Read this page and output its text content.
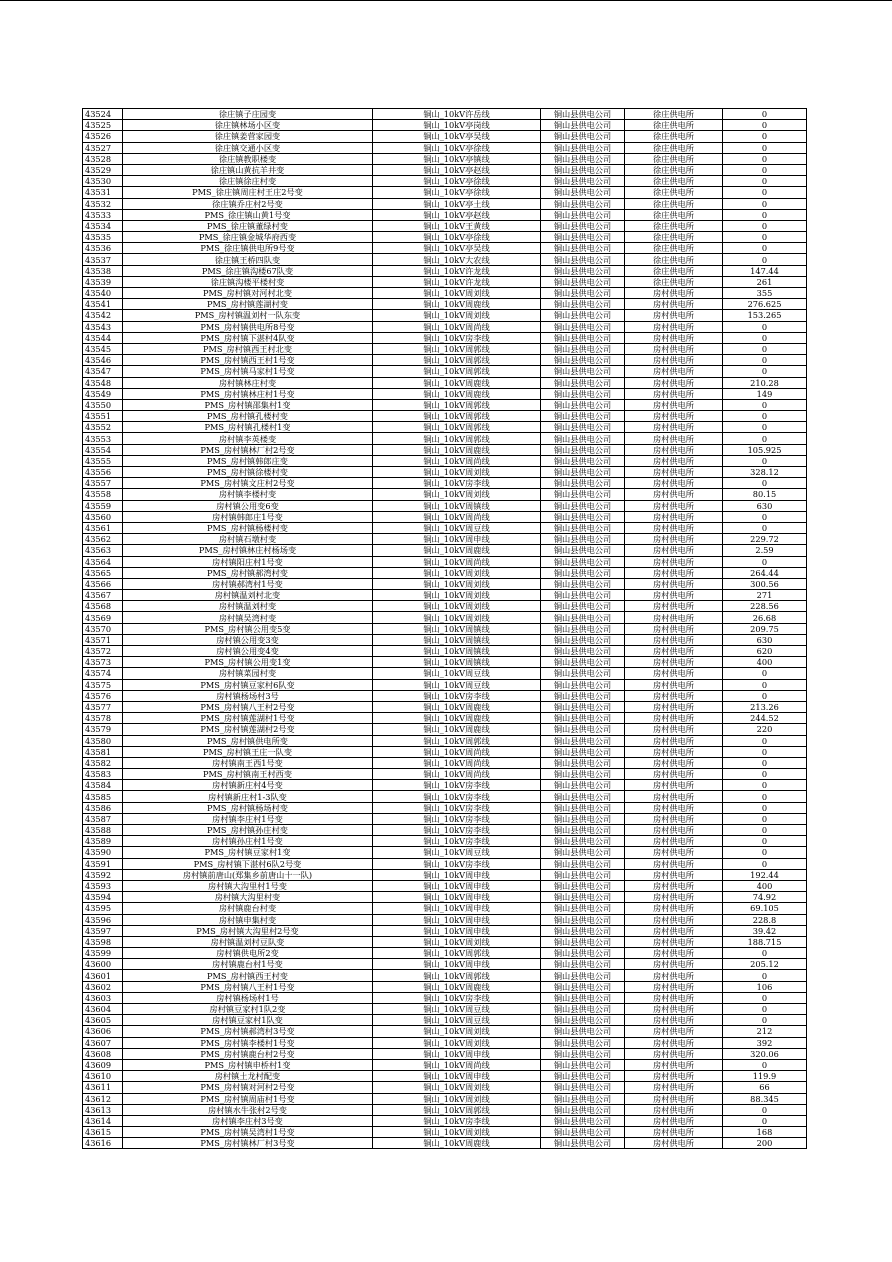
43524	徐庄镇子庄园变	铜山_10kV许岳线	铜山县供电公司	徐庄供电所	0
43525	徐庄镇林场小区变	铜山_10kV亭岗线	铜山县供电公司	徐庄供电所	0
43526	徐庄镇姜营家园变	铜山_10kV亭吴线	铜山县供电公司	徐庄供电所	0
43527	徐庄镇交通小区变	铜山_10kV亭徐线	铜山县供电公司	徐庄供电所	0
43528	徐庄镇教职楼变	铜山_10kV亭镇线	铜山县供电公司	徐庄供电所	0
43529	徐庄镇山黄抗羊井变	铜山_10kV亭赵线	铜山县供电公司	徐庄供电所	0
43530	徐庄镇徐庄村变	铜山_10kV亭徐线	铜山县供电公司	徐庄供电所	0
43531	PMS_徐庄镇周庄村王庄2号变	铜山_10kV亭徐线	铜山县供电公司	徐庄供电所	0
43532	徐庄镇乔庄村2号变	铜山_10kV亭土线	铜山县供电公司	徐庄供电所	0
43533	PMS_徐庄镇山黄1号变	铜山_10kV亭赵线	铜山县供电公司	徐庄供电所	0
43534	PMS_徐庄镇董绿村变	铜山_10kV王黄线	铜山县供电公司	徐庄供电所	0
43535	PMS_徐庄镇金城华府西变	铜山_10kV亭徐线	铜山县供电公司	徐庄供电所	0
43536	PMS_徐庄镇供电所9号变	铜山_10kV亭吴线	铜山县供电公司	徐庄供电所	0
43537	徐庄镇王桥四队变	铜山_10kV大农线	铜山县供电公司	徐庄供电所	0
43538	PMS_徐庄镇沟楼67队变	铜山_10kV许龙线	铜山县供电公司	徐庄供电所	147.44
43539	徐庄镇沟楼平楼村变	铜山_10kV许龙线	铜山县供电公司	徐庄供电所	261
43540	PMS_房村镇对河村北变	铜山_10kV周刘线	铜山县供电公司	房村供电所	355
43541	PMS_房村镇莲湖村变	铜山_10kV周鹿线	铜山县供电公司	房村供电所	276.625
43542	PMS_房村镇温刘村一队东变	铜山_10kV周刘线	铜山县供电公司	房村供电所	153.265
43543	PMS_房村镇供电所8号变	铜山_10kV周尚线	铜山县供电公司	房村供电所	0
43544	PMS_房村镇下湛村4队变	铜山_10kV房李线	铜山县供电公司	房村供电所	0
43545	PMS_房村镇西王村北变	铜山_10kV周郭线	铜山县供电公司	房村供电所	0
43546	PMS_房村镇西王村1号变	铜山_10kV周郭线	铜山县供电公司	房村供电所	0
43547	PMS_房村镇马家村1号变	铜山_10kV周郭线	铜山县供电公司	房村供电所	0
43548	房村镇林庄村变	铜山_10kV周鹿线	铜山县供电公司	房村供电所	210.28
43549	PMS_房村镇林庄村1号变	铜山_10kV周鹿线	铜山县供电公司	房村供电所	149
43550	PMS_房村镇邵集村1变	铜山_10kV周郭线	铜山县供电公司	房村供电所	0
43551	PMS_房村镇孔楼村变	铜山_10kV周郭线	铜山县供电公司	房村供电所	0
43552	PMS_房村镇孔楼村1变	铜山_10kV周郭线	铜山县供电公司	房村供电所	0
43553	房村镇李英楼变	铜山_10kV周郭线	铜山县供电公司	房村供电所	0
43554	PMS_房村镇林厂村2号变	铜山_10kV周鹿线	铜山县供电公司	房村供电所	105.925
43555	PMS_房村镇韩郎庄变	铜山_10kV周尚线	铜山县供电公司	房村供电所	0
43556	PMS_房村镇徐楼村变	铜山_10kV周刘线	铜山县供电公司	房村供电所	328.12
43557	PMS_房村镇文庄村2号变	铜山_10kV房李线	铜山县供电公司	房村供电所	0
43558	房村镇李楼村变	铜山_10kV周刘线	铜山县供电公司	房村供电所	80.15
43559	房村镇公用变6变	铜山_10kV周镇线	铜山县供电公司	房村供电所	630
43560	房村镇韩郎庄1号变	铜山_10kV周尚线	铜山县供电公司	房村供电所	0
43561	PMS_房村镇杨楼村变	铜山_10kV周豆线	铜山县供电公司	房村供电所	0
43562	房村镇石墩村变	铜山_10kV周申线	铜山县供电公司	房村供电所	229.72
43563	PMS_房村镇林庄村杨场变	铜山_10kV周鹿线	铜山县供电公司	房村供电所	2.59
43564	房村镇阳庄村1号变	铜山_10kV周尚线	铜山县供电公司	房村供电所	0
43565	PMS_房村镇郝湾村变	铜山_10kV周刘线	铜山县供电公司	房村供电所	264.44
43566	房村镇郝湾村1号变	铜山_10kV周刘线	铜山县供电公司	房村供电所	300.56
43567	房村镇温刘村北变	铜山_10kV周刘线	铜山县供电公司	房村供电所	271
43568	房村镇温刘村变	铜山_10kV周刘线	铜山县供电公司	房村供电所	228.56
43569	房村镇吴湾村变	铜山_10kV周刘线	铜山县供电公司	房村供电所	26.68
43570	PMS_房村镇公用变5变	铜山_10kV周镇线	铜山县供电公司	房村供电所	209.75
43571	房村镇公用变3变	铜山_10kV周镇线	铜山县供电公司	房村供电所	630
43572	房村镇公用变4变	铜山_10kV周镇线	铜山县供电公司	房村供电所	620
43573	PMS_房村镇公用变1变	铜山_10kV周镇线	铜山县供电公司	房村供电所	400
43574	房村镇菜园村变	铜山_10kV周豆线	铜山县供电公司	房村供电所	0
43575	PMS_房村镇豆家村6队变	铜山_10kV周豆线	铜山县供电公司	房村供电所	0
43576	房村镇杨场村3号	铜山_10kV房李线	铜山县供电公司	房村供电所	0
43577	PMS_房村镇八王村2号变	铜山_10kV周鹿线	铜山县供电公司	房村供电所	213.26
43578	PMS_房村镇莲湖村1号变	铜山_10kV周鹿线	铜山县供电公司	房村供电所	244.52
43579	PMS_房村镇莲湖村2号变	铜山_10kV周鹿线	铜山县供电公司	房村供电所	220
43580	PMS_房村镇供电所变	铜山_10kV周郭线	铜山县供电公司	房村供电所	0
43581	PMS_房村镇王庄一队变	铜山_10kV周尚线	铜山县供电公司	房村供电所	0
43582	房村镇南王西1号变	铜山_10kV周尚线	铜山县供电公司	房村供电所	0
43583	PMS_房村镇南王村西变	铜山_10kV周尚线	铜山县供电公司	房村供电所	0
43584	房村镇新庄村4号变	铜山_10kV房李线	铜山县供电公司	房村供电所	0
43585	房村镇新庄村1-3队变	铜山_10kV房李线	铜山县供电公司	房村供电所	0
43586	PMS_房村镇杨场村变	铜山_10kV房李线	铜山县供电公司	房村供电所	0
43587	房村镇李庄村1号变	铜山_10kV房李线	铜山县供电公司	房村供电所	0
43588	PMS_房村镇孙庄村变	铜山_10kV房李线	铜山县供电公司	房村供电所	0
43589	房村镇孙庄村1号变	铜山_10kV房李线	铜山县供电公司	房村供电所	0
43590	PMS_房村镇豆家村1变	铜山_10kV周豆线	铜山县供电公司	房村供电所	0
43591	PMS_房村镇下湛村6队2号变	铜山_10kV房李线	铜山县供电公司	房村供电所	0
43592	房村镇前唐山(郑集乡前唐山十一队)	铜山_10kV周申线	铜山县供电公司	房村供电所	192.44
43593	房村镇大沟里村1号变	铜山_10kV周申线	铜山县供电公司	房村供电所	400
43594	房村镇大沟里村变	铜山_10kV周申线	铜山县供电公司	房村供电所	74.92
43595	房村镇鹿台村变	铜山_10kV周申线	铜山县供电公司	房村供电所	69.105
43596	房村镇申集村变	铜山_10kV周申线	铜山县供电公司	房村供电所	228.8
43597	PMS_房村镇大沟里村2号变	铜山_10kV周申线	铜山县供电公司	房村供电所	39.42
43598	房村镇温刘村豆队变	铜山_10kV周刘线	铜山县供电公司	房村供电所	188.715
43599	房村镇供电所2变	铜山_10kV周郭线	铜山县供电公司	房村供电所	0
43600	房村镇鹿台村1号变	铜山_10kV周申线	铜山县供电公司	房村供电所	205.12
43601	PMS_房村镇西王村变	铜山_10kV周郭线	铜山县供电公司	房村供电所	0
43602	PMS_房村镇八王村1号变	铜山_10kV周鹿线	铜山县供电公司	房村供电所	106
43603	房村镇杨场村1号	铜山_10kV房李线	铜山县供电公司	房村供电所	0
43604	房村镇豆家村1队2变	铜山_10kV周豆线	铜山县供电公司	房村供电所	0
43605	房村镇豆家村1队变	铜山_10kV周豆线	铜山县供电公司	房村供电所	0
43606	PMS_房村镇郝湾村3号变	铜山_10kV周刘线	铜山县供电公司	房村供电所	212
43607	PMS_房村镇李楼村1号变	铜山_10kV周刘线	铜山县供电公司	房村供电所	392
43608	PMS_房村镇鹿台村2号变	铜山_10kV周申线	铜山县供电公司	房村供电所	320.06
43609	PMS_房村镇申桥村1变	铜山_10kV周尚线	铜山县供电公司	房村供电所	0
43610	房村镇土龙村配变	铜山_10kV周申线	铜山县供电公司	房村供电所	119.9
43611	PMS_房村镇对河村2号变	铜山_10kV周刘线	铜山县供电公司	房村供电所	66
43612	PMS_房村镇周庙村1号变	铜山_10kV周刘线	铜山县供电公司	房村供电所	88.345
43613	房村镇水牛张村2号变	铜山_10kV周郭线	铜山县供电公司	房村供电所	0
43614	房村镇李庄村3号变	铜山_10kV房李线	铜山县供电公司	房村供电所	0
43615	PMS_房村镇吴湾村1号变	铜山_10kV周刘线	铜山县供电公司	房村供电所	168
43616	PMS_房村镇林厂村3号变	铜山_10kV周鹿线	铜山县供电公司	房村供电所	200
